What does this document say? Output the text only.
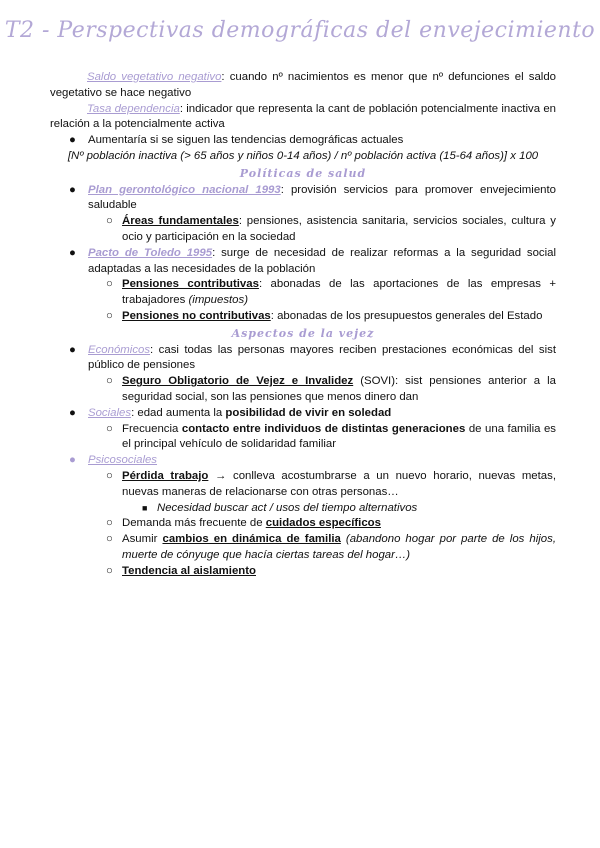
T2 - Perspectivas demográficas del envejecimiento

Saldo vegetativo negativo: cuando nº nacimientos es menor que nº defunciones el saldo vegetativo se hace negativo

Tasa dependencia: indicador que representa la cant de población potencialmente inactiva en relación a la potencialmente activa

● Aumentaría si se siguen las tendencias demográficas actuales

[Nº población inactiva (> 65 años y niños 0-14 años) / nº población activa (15-64 años)] x 100

Políticas de salud
● Plan gerontológico nacional 1993: provisión servicios para promover envejecimiento saludable
○ Áreas fundamentales: pensiones, asistencia sanitaria, servicios sociales, cultura y ocio y participación en la sociedad
● Pacto de Toledo 1995: surge de necesidad de realizar reformas a la seguridad social adaptadas a las necesidades de la población
○ Pensiones contributivas: abonadas de las aportaciones de las empresas + trabajadores (impuestos)
○ Pensiones no contributivas: abonadas de los presupuestos generales del Estado
Aspectos de la vejez
● Económicos: casi todas las personas mayores reciben prestaciones económicas del sist público de pensiones
○ Seguro Obligatorio de Vejez e Invalidez (SOVI): sist pensiones anterior a la seguridad social, son las pensiones que menos dinero dan
● Sociales: edad aumenta la posibilidad de vivir en soledad
○ Frecuencia contacto entre individuos de distintas generaciones de una familia es el principal vehículo de solidaridad familiar
● Psicosociales
○ Pérdida trabajo → conlleva acostumbrarse a un nuevo horario, nuevas metas, nuevas maneras de relacionarse con otras personas…
■ Necesidad buscar act / usos del tiempo alternativos
○ Demanda más frecuente de cuidados específicos
○ Asumir cambios en dinámica de familia (abandono hogar por parte de los hijos, muerte de cónyuge que hacía ciertas tareas del hogar…)
○ Tendencia al aislamiento
